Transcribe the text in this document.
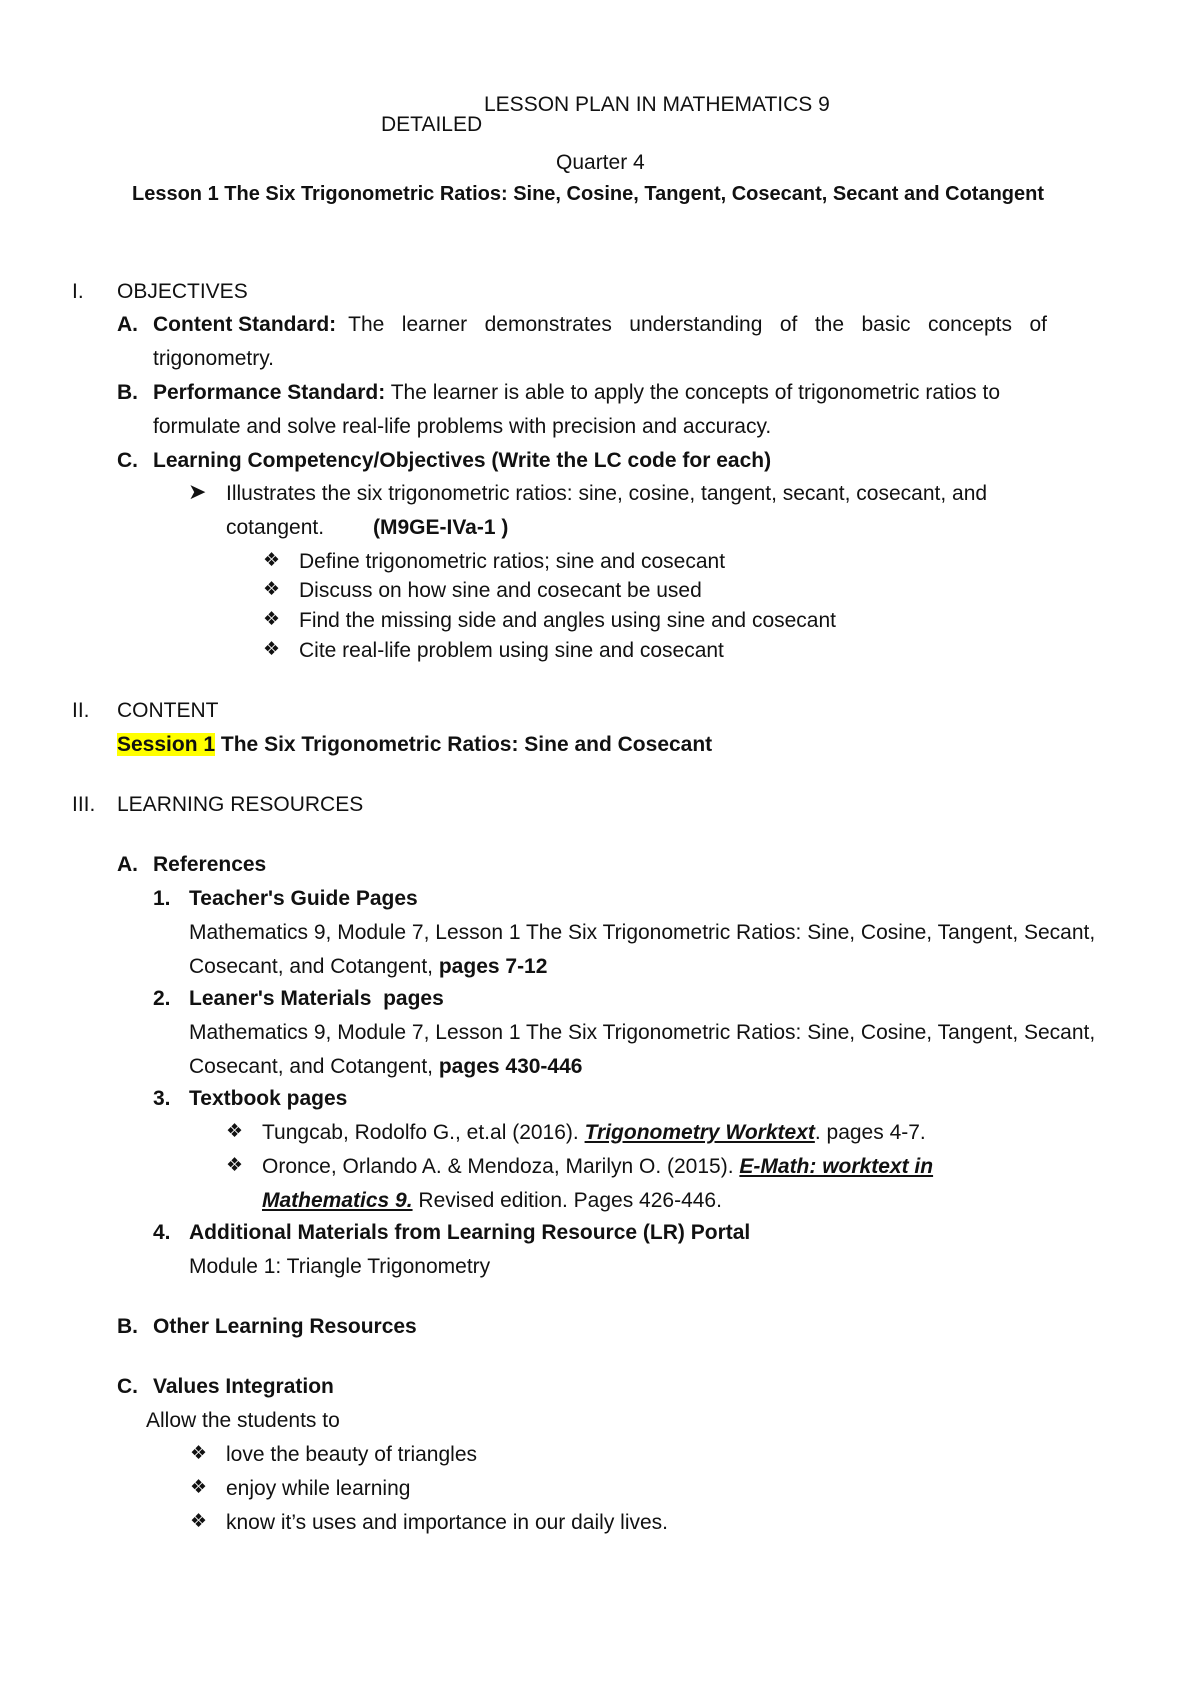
LESSON PLAN IN MATHEMATICS 9
DETAILED
Quarter 4
Lesson 1 The Six Trigonometric Ratios: Sine, Cosine, Tangent, Cosecant, Secant and Cotangent
I. OBJECTIVES
A. Content Standard: The learner demonstrates understanding of the basic concepts of
trigonometry.
B. Performance Standard: The learner is able to apply the concepts of trigonometric ratios to
formulate and solve real-life problems with precision and accuracy.
C. Learning Competency/Objectives (Write the LC code for each)
➤ Illustrates the six trigonometric ratios: sine, cosine, tangent, secant, cosecant, and
cotangent. (M9GE-IVa-1 )
❖ Define trigonometric ratios; sine and cosecant
❖ Discuss on how sine and cosecant be used
❖ Find the missing side and angles using sine and cosecant
❖ Cite real-life problem using sine and cosecant
II. CONTENT
Session 1 The Six Trigonometric Ratios: Sine and Cosecant
III. LEARNING RESOURCES
A. References
1. Teacher's Guide Pages
Mathematics 9, Module 7, Lesson 1 The Six Trigonometric Ratios: Sine, Cosine, Tangent, Secant,
Cosecant, and Cotangent, pages 7-12
2. Leaner's Materials  pages
Mathematics 9, Module 7, Lesson 1 The Six Trigonometric Ratios: Sine, Cosine, Tangent, Secant,
Cosecant, and Cotangent, pages 430-446
3. Textbook pages
❖ Tungcab, Rodolfo G., et.al (2016). Trigonometry Worktext. pages 4-7.
❖ Oronce, Orlando A. & Mendoza, Marilyn O. (2015). E-Math: worktext in
Mathematics 9. Revised edition. Pages 426-446.
4. Additional Materials from Learning Resource (LR) Portal
Module 1: Triangle Trigonometry
B. Other Learning Resources
C. Values Integration
Allow the students to
❖ love the beauty of triangles
❖ enjoy while learning
❖ know it’s uses and importance in our daily lives.
